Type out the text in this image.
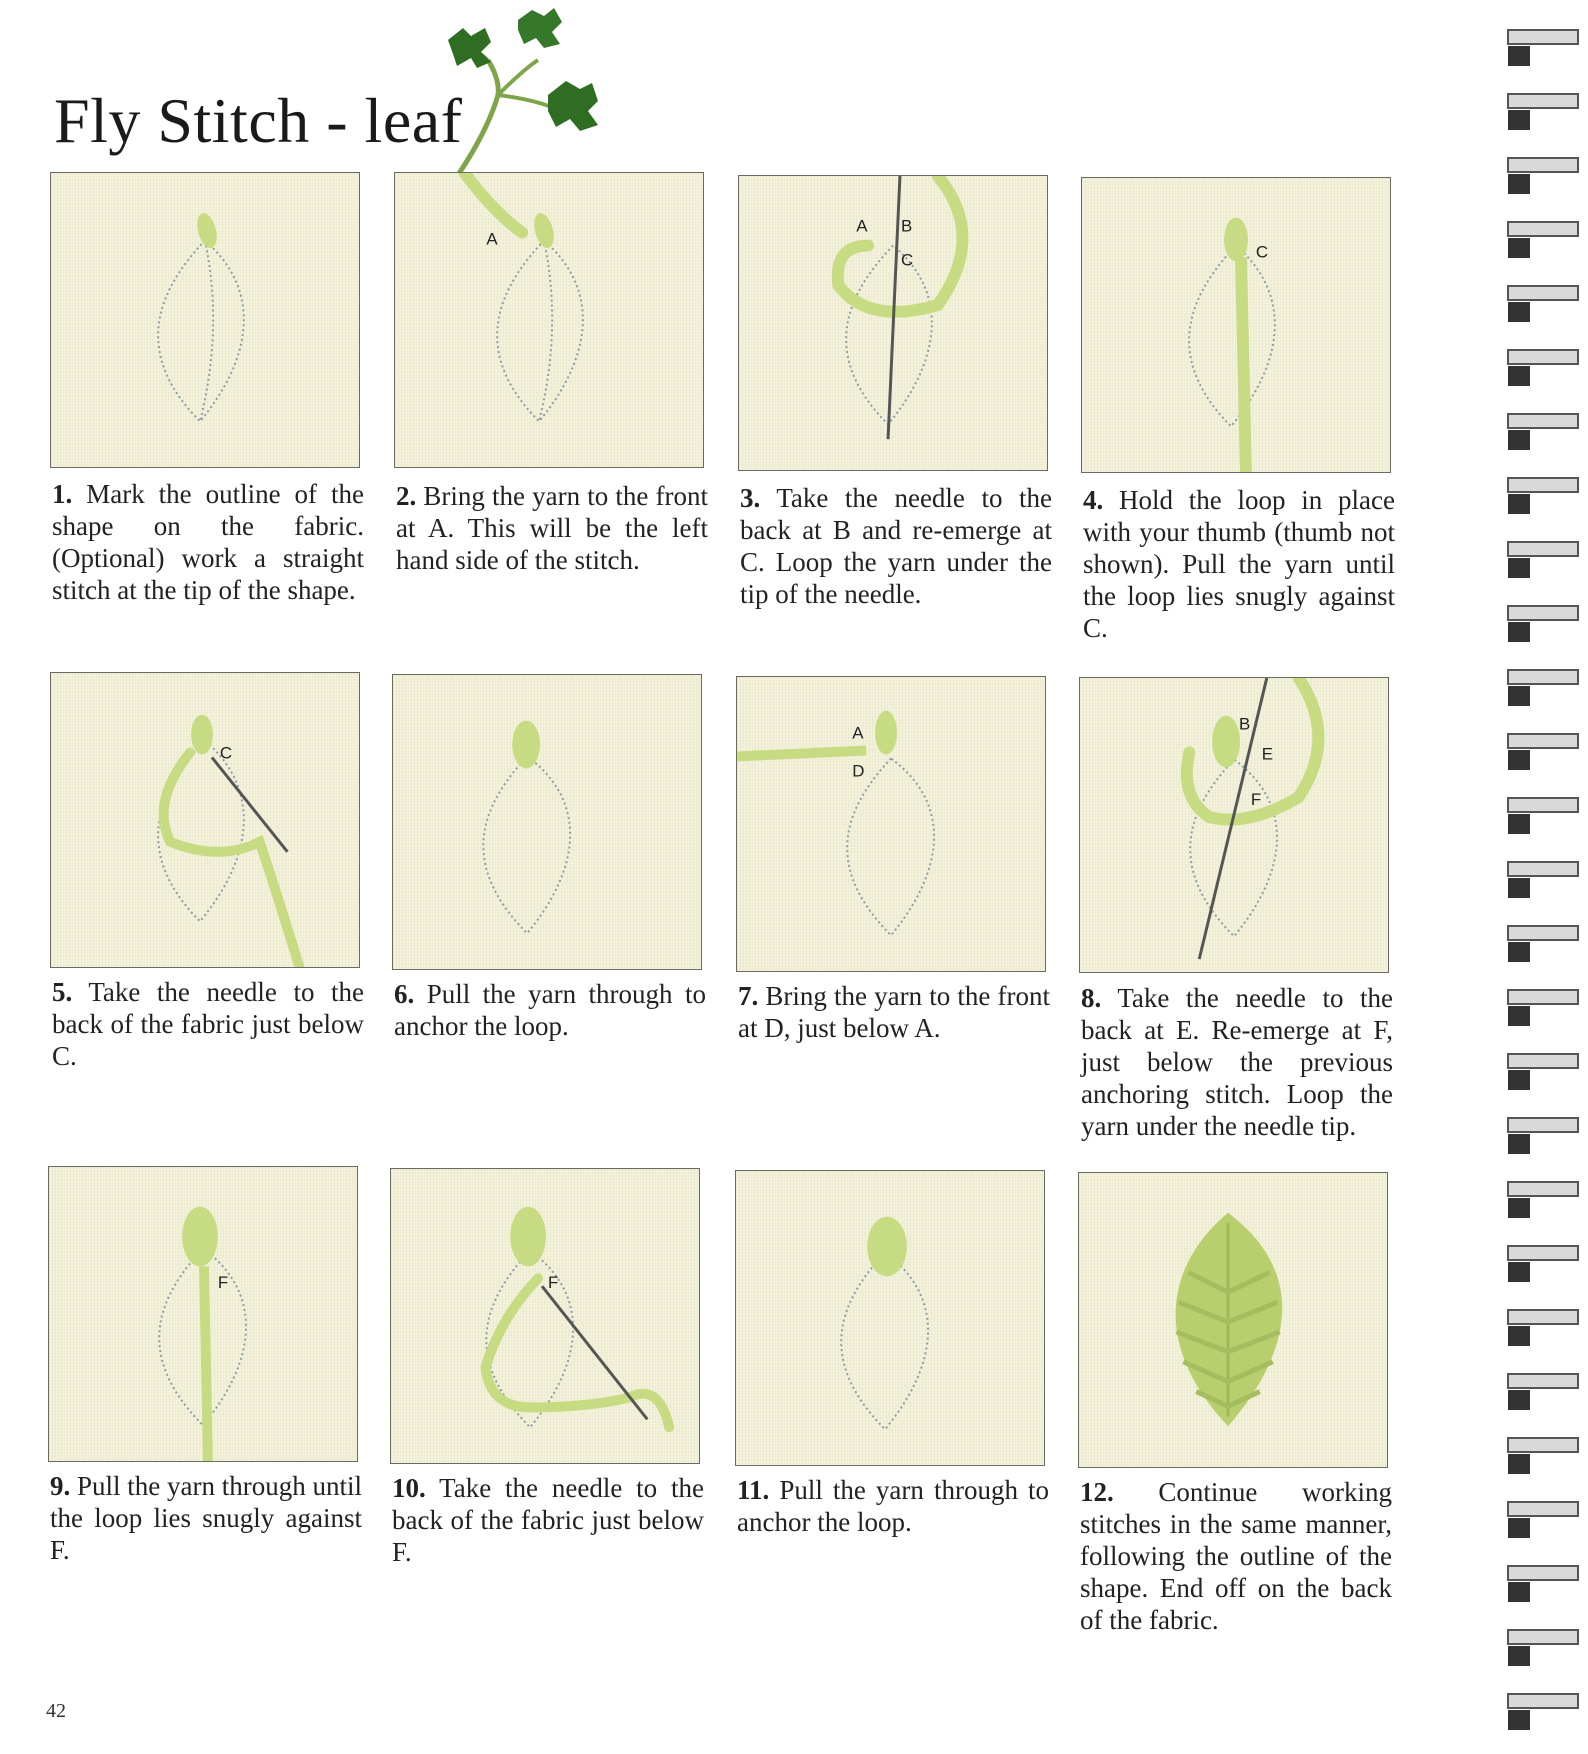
Fly Stitch - leaf
A
A B
C	C
1. Mark the outline of the shape on the fabric. (Optional) work a straight stitch at the tip of the shape.
2. Bring the yarn to the front at A. This will be the left hand side of the stitch.
3. Take the needle to the back at B and re-emerge at C. Loop the yarn under the tip of the needle.
4. Hold the loop in place with your thumb (thumb not shown). Pull the yarn until the loop lies snugly against C.
C
A
D
B
E
F
5. Take the needle to the back of the fabric just below C.
6. Pull the yarn through to anchor the loop.
7. Bring the yarn to the front at D, just below A.
8. Take the needle to the back at E. Re-emerge at F, just below the previous anchoring stitch. Loop the yarn under the needle tip.
F	F
9. Pull the yarn through until the loop lies snugly against F.
10. Take the needle to the back of the fabric just below F.
11. Pull the yarn through to anchor the loop.
12. Continue working stitches in the same manner, following the outline of the shape. End off on the back of the fabric.
42
